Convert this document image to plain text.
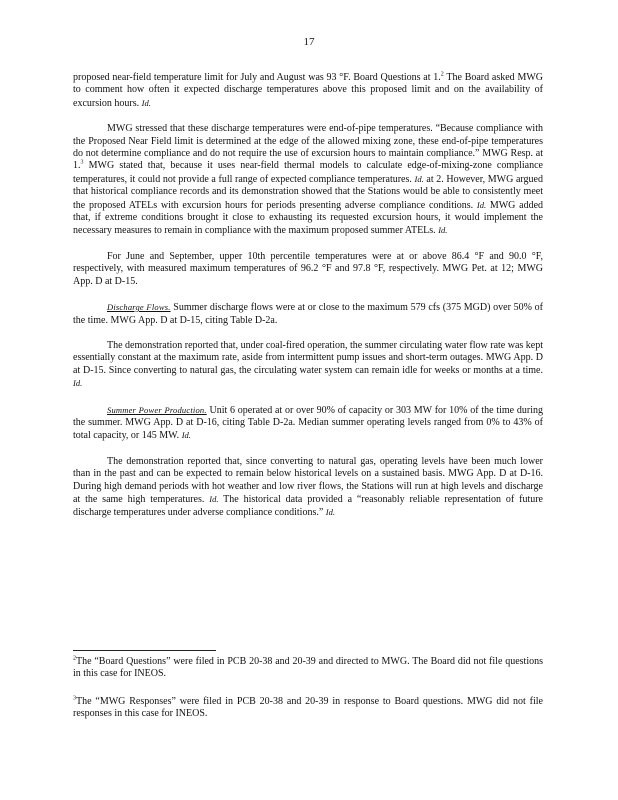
17

proposed near-field temperature limit for July and August was 93 °F. Board Questions at 1.$^2$ The Board asked MWG to comment how often it expected discharge temperatures above this proposed limit and on the availability of excursion hours. Id.

MWG stressed that these discharge temperatures were end-of-pipe temperatures. “Because compliance with the Proposed Near Field limit is determined at the edge of the allowed mixing zone, these end-of-pipe temperatures do not determine compliance and do not require the use of excursion hours to maintain compliance.” MWG Resp. at 1.$^3$ MWG stated that, because it uses near-field thermal models to calculate edge-of-mixing-zone compliance temperatures, it could not provide a full range of expected compliance temperatures. Id. at 2. However, MWG argued that historical compliance records and its demonstration showed that the Stations would be able to consistently meet the proposed ATELs with excursion hours for periods presenting adverse compliance conditions. Id. MWG added that, if extreme conditions brought it close to exhausting its requested excursion hours, it would implement the necessary measures to remain in compliance with the maximum proposed summer ATELs. Id.

For June and September, upper 10th percentile temperatures were at or above 86.4 °F and 90.0 °F, respectively, with measured maximum temperatures of 96.2 °F and 97.8 °F, respectively. MWG Pet. at 12; MWG App. D at D-15.

Discharge Flows. Summer discharge flows were at or close to the maximum 579 cfs (375 MGD) over 50% of the time. MWG App. D at D-15, citing Table D-2a.

The demonstration reported that, under coal-fired operation, the summer circulating water flow rate was kept essentially constant at the maximum rate, aside from intermittent pump issues and short-term outages. MWG App. D at D-15. Since converting to natural gas, the circulating water system can remain idle for weeks or months at a time. Id.

Summer Power Production. Unit 6 operated at or over 90% of capacity or 303 MW for 10% of the time during the summer. MWG App. D at D-16, citing Table D-2a. Median summer operating levels ranged from 0% to 43% of total capacity, or 145 MW. Id.

The demonstration reported that, since converting to natural gas, operating levels have been much lower than in the past and can be expected to remain below historical levels on a sustained basis. MWG App. D at D-16. During high demand periods with hot weather and low river flows, the Stations will run at high levels and discharge at the same high temperatures. Id. The historical data provided a “reasonably reliable representation of future discharge temperatures under adverse compliance conditions.” Id.

$^2$The “Board Questions” were filed in PCB 20-38 and 20-39 and directed to MWG. The Board did not file questions in this case for INEOS.

$^3$The “MWG Responses” were filed in PCB 20-38 and 20-39 in response to Board questions. MWG did not file responses in this case for INEOS.
